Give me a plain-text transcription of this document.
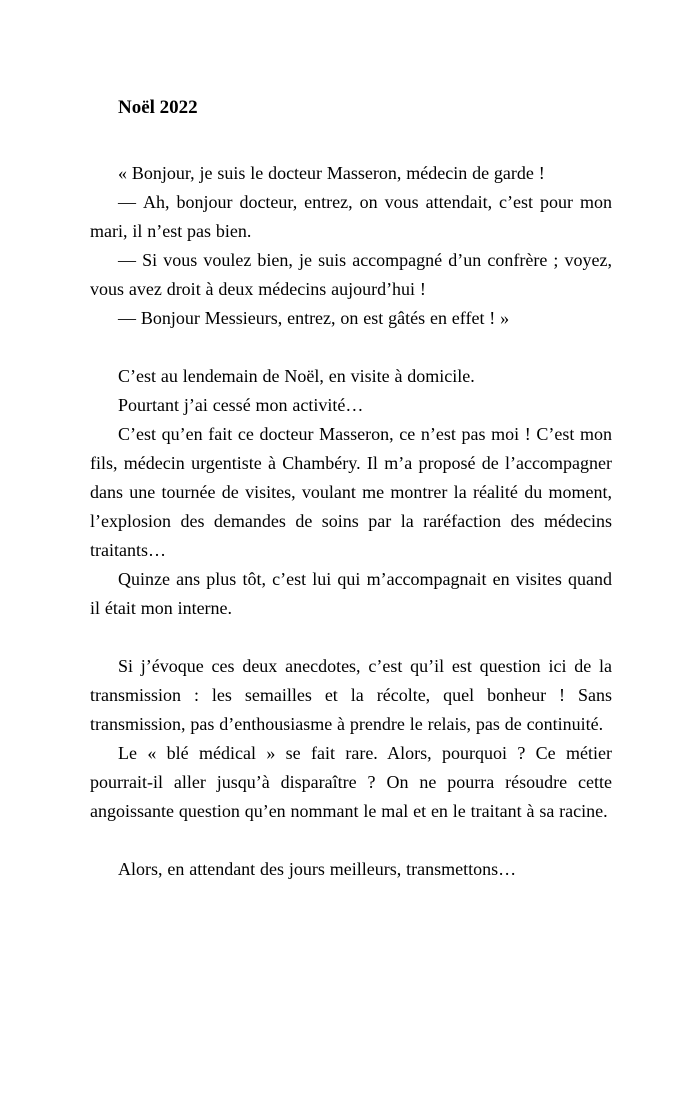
Noël 2022

« Bonjour, je suis le docteur Masseron, médecin de garde !

— Ah, bonjour docteur, entrez, on vous attendait, c’est pour mon mari, il n’est pas bien.

— Si vous voulez bien, je suis accompagné d’un confrère ; voyez, vous avez droit à deux médecins aujourd’hui !

— Bonjour Messieurs, entrez, on est gâtés en effet ! »

C’est au lendemain de Noël, en visite à domicile.

Pourtant j’ai cessé mon activité…

C’est qu’en fait ce docteur Masseron, ce n’est pas moi ! C’est mon fils, médecin urgentiste à Chambéry. Il m’a proposé de l’accompagner dans une tournée de visites, voulant me montrer la réalité du moment, l’explosion des demandes de soins par la raréfaction des médecins traitants…

Quinze ans plus tôt, c’est lui qui m’accompagnait en visites quand il était mon interne.

Si j’évoque ces deux anecdotes, c’est qu’il est question ici de la transmission : les semailles et la récolte, quel bonheur ! Sans transmission, pas d’enthousiasme à prendre le relais, pas de continuité.

Le « blé médical » se fait rare. Alors, pourquoi ? Ce métier pourrait-il aller jusqu’à disparaître ? On ne pourra résoudre cette angoissante question qu’en nommant le mal et en le traitant à sa racine.

Alors, en attendant des jours meilleurs, transmettons…
